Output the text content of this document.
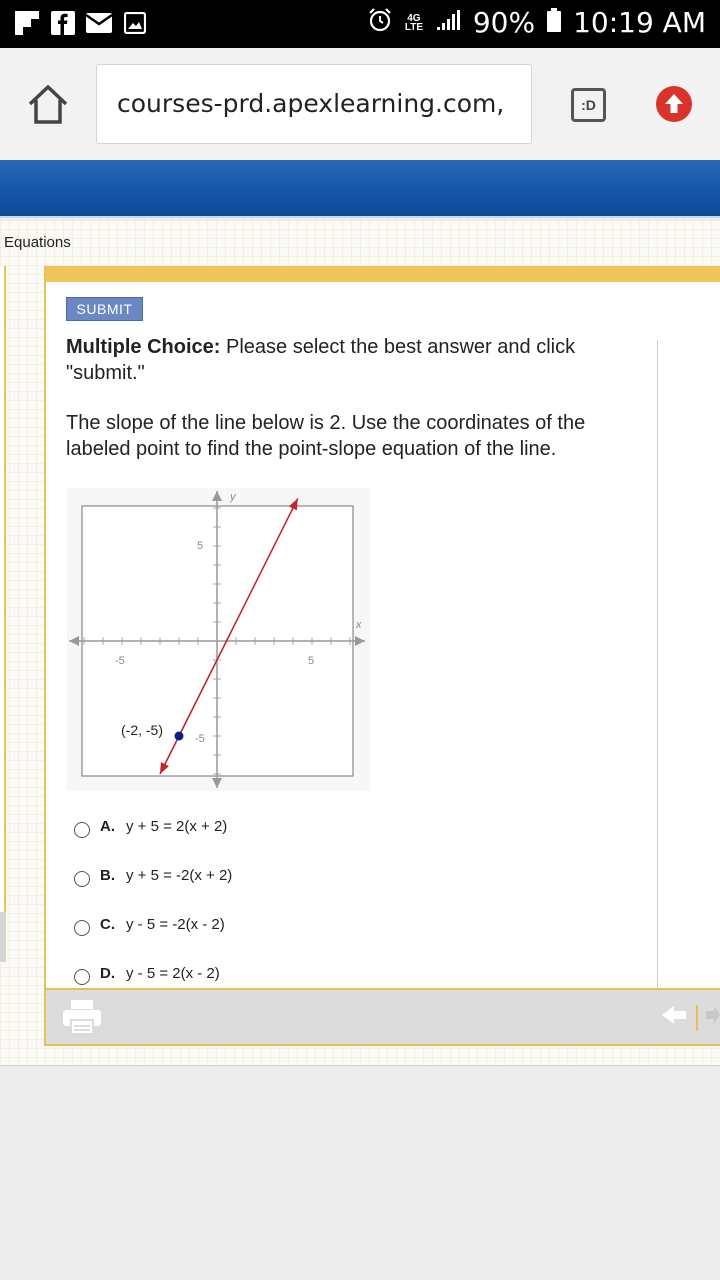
4G LTE 90% 10:19 AM
courses-prd.apexlearning.com,	:D
Equations
SUBMIT
Multiple Choice: Please select the best answer and click "submit."
The slope of the line below is 2. Use the coordinates of the labeled point to find the point-slope equation of the line.
y
x
-5	5
5
-5
(-2, -5)
A. y + 5 = 2(x + 2)
B. y + 5 = -2(x + 2)
C. y - 5 = -2(x - 2)
D. y - 5 = 2(x - 2)
